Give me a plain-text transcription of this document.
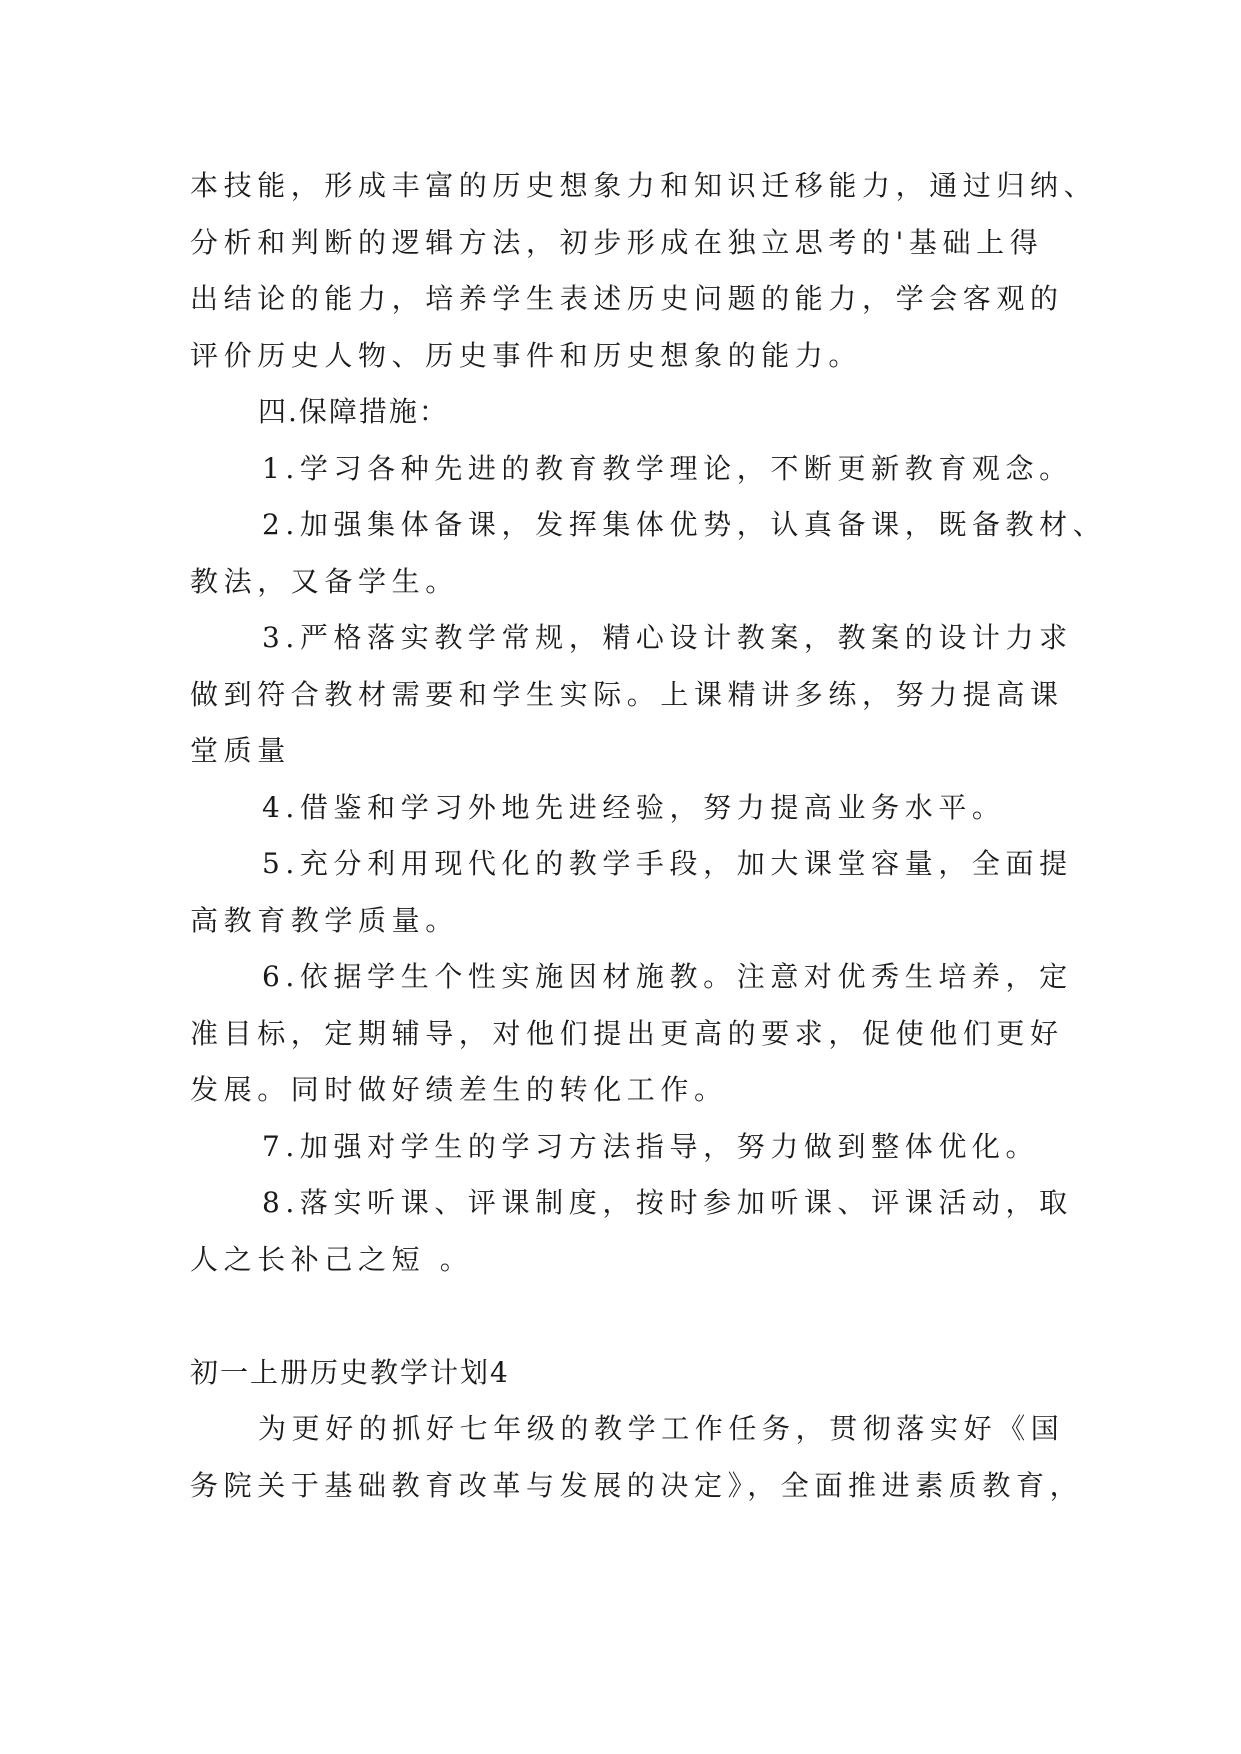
本技能，形成丰富的历史想象力和知识迁移能力，通过归纳、
分析和判断的逻辑方法，初步形成在独立思考的'基础上得
出结论的能力，培养学生表述历史问题的能力，学会客观的
评价历史人物、历史事件和历史想象的能力。
四.保障措施：
1.学习各种先进的教育教学理论，不断更新教育观念。
2.加强集体备课，发挥集体优势，认真备课，既备教材、
教法，又备学生。
3.严格落实教学常规，精心设计教案，教案的设计力求
做到符合教材需要和学生实际。上课精讲多练，努力提高课
堂质量
4.借鉴和学习外地先进经验，努力提高业务水平。
5.充分利用现代化的教学手段，加大课堂容量，全面提
高教育教学质量。
6.依据学生个性实施因材施教。注意对优秀生培养，定
准目标，定期辅导，对他们提出更高的要求，促使他们更好
发展。同时做好绩差生的转化工作。
7.加强对学生的学习方法指导，努力做到整体优化。
8.落实听课、评课制度，按时参加听课、评课活动，取
人之长补己之短 。
初一上册历史教学计划4
为更好的抓好七年级的教学工作任务，贯彻落实好《国
务院关于基础教育改革与发展的决定》，全面推进素质教育，
